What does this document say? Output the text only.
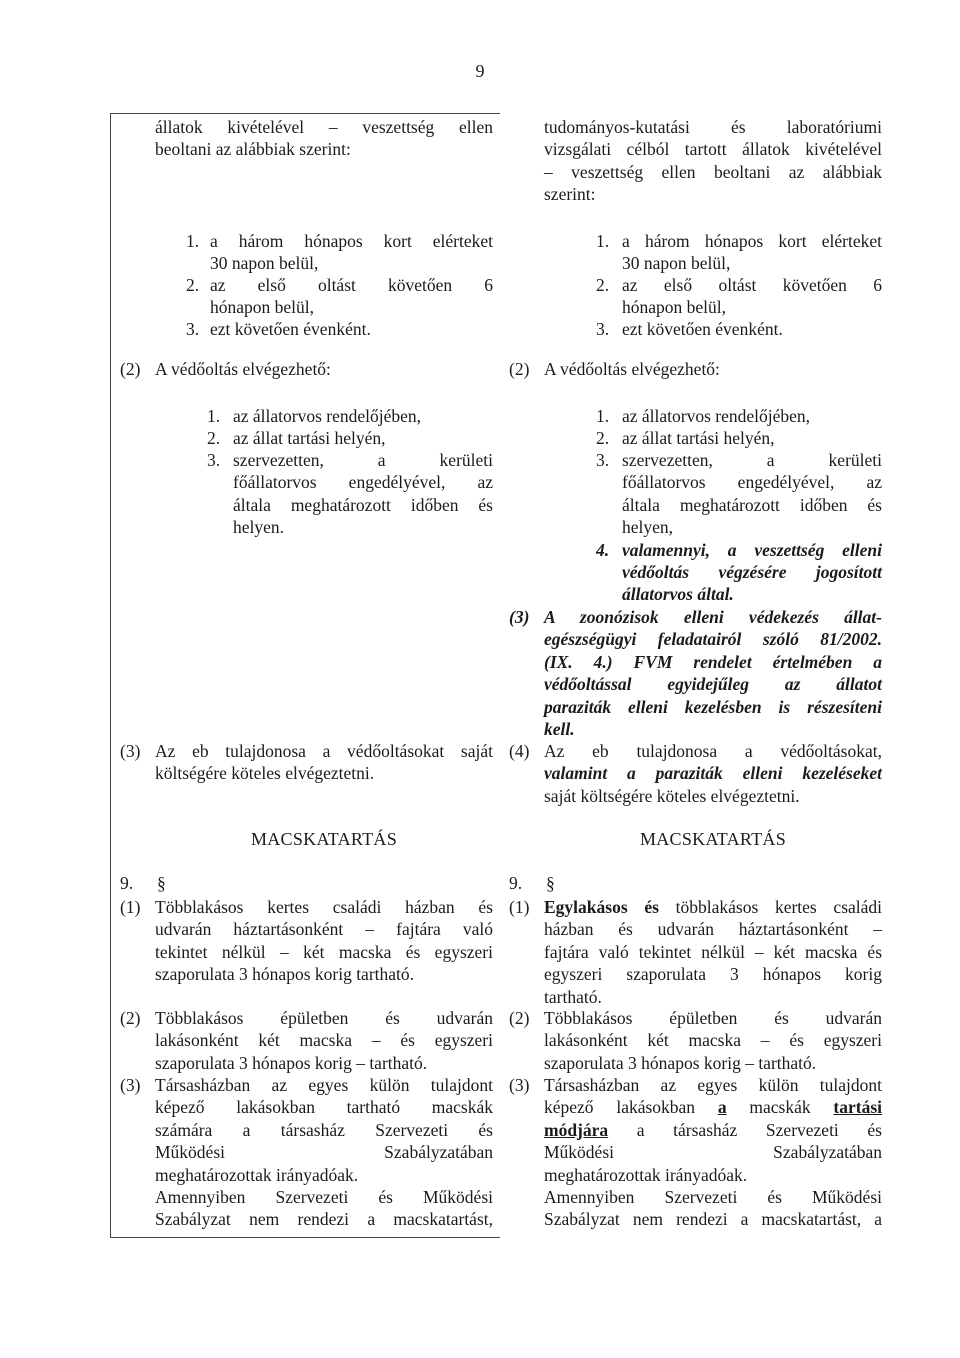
9
állatok kivételével – veszettség ellen
beoltani az alábbiak szerint:
1. a három hónapos kort elérteket
30 napon belül,
2. az első oltást követően 6
hónapon belül,
3. ezt követően évenként.
(2) A védőoltás elvégezhető:
1. az állatorvos rendelőjében,
2. az állat tartási helyén,
3. szervezetten, a kerületi
főállatorvos engedélyével, az
általa meghatározott időben és
helyen.
(3) Az eb tulajdonosa a védőoltásokat saját
költségére köteles elvégeztetni.
MACSKATARTÁS
9. §
(1) Többlakásos kertes családi házban és
udvarán háztartásonként – fajtára való
tekintet nélkül – két macska és egyszeri
szaporulata 3 hónapos korig tartható.
(2) Többlakásos épületben és udvarán
lakásonként két macska – és egyszeri
szaporulata 3 hónapos korig – tartható.
(3) Társasházban az egyes külön tulajdont
képező lakásokban tartható macskák
számára a társasház Szervezeti és
Működési Szabályzatában
meghatározottak irányadóak.
Amennyiben Szervezeti és Működési
Szabályzat nem rendezi a macskatartást,
tudományos-kutatási és laboratóriumi
vizsgálati célból tartott állatok kivételével
– veszettség ellen beoltani az alábbiak
szerint:
1. a három hónapos kort elérteket
30 napon belül,
2. az első oltást követően 6
hónapon belül,
3. ezt követően évenként.
(2) A védőoltás elvégezhető:
1. az állatorvos rendelőjében,
2. az állat tartási helyén,
3. szervezetten, a kerületi
főállatorvos engedélyével, az
általa meghatározott időben és
helyen,
4. valamennyi, a veszettség elleni
védőoltás végzésére jogosított
állatorvos által.
(3) A zoonózisok elleni védekezés állat-
egészségügyi feladatairól szóló 81/2002.
(IX. 4.) FVM rendelet értelmében a
védőoltással egyidejűleg az állatot
paraziták elleni kezelésben is részesíteni
kell.
(4) Az eb tulajdonosa a védőoltásokat,
valamint a paraziták elleni kezeléseket
saját költségére köteles elvégeztetni.
MACSKATARTÁS
9. §
(1) Egylakásos és többlakásos kertes családi
házban és udvarán háztartásonként –
fajtára való tekintet nélkül – két macska és
egyszeri szaporulata 3 hónapos korig
tartható.
(2) Többlakásos épületben és udvarán
lakásonként két macska – és egyszeri
szaporulata 3 hónapos korig – tartható.
(3) Társasházban az egyes külön tulajdont
képező lakásokban a macskák tartási
módjára a társasház Szervezeti és
Működési Szabályzatában
meghatározottak irányadóak.
Amennyiben Szervezeti és Működési
Szabályzat nem rendezi a macskatartást, a
